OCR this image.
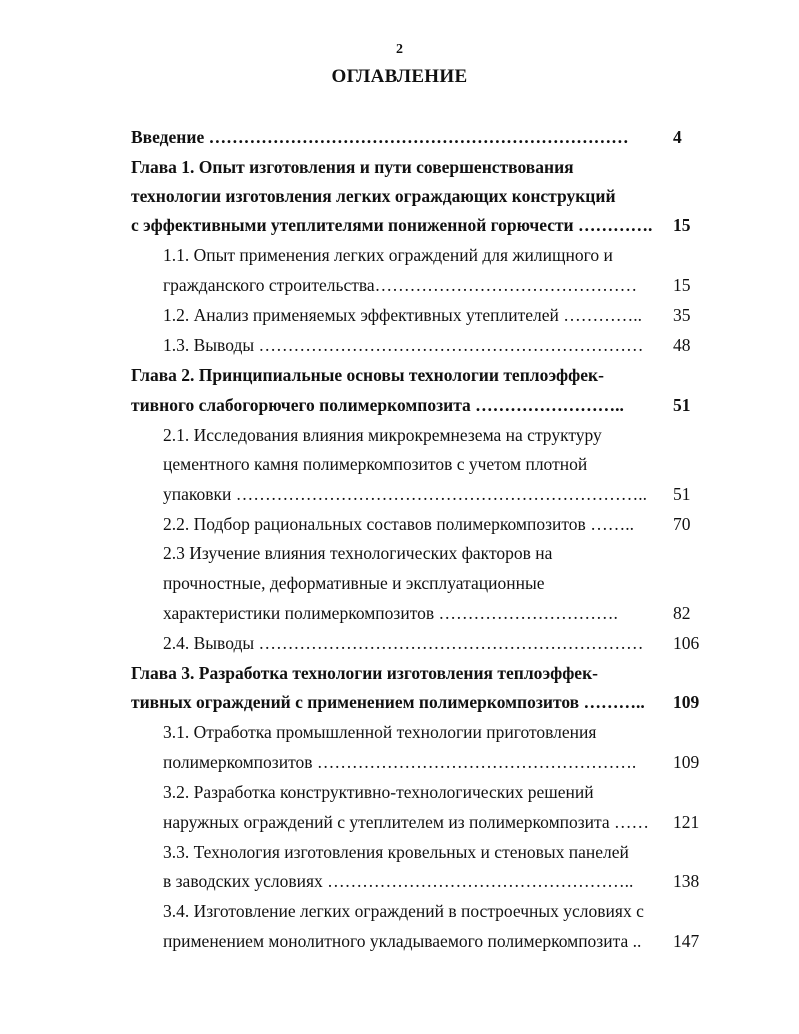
2
ОГЛАВЛЕНИЕ
Введение ………………………………………………………………	4
Глава 1. Опыт изготовления и пути совершенствования
технологии изготовления легких ограждающих конструкций
с эффективными утеплителями пониженной горючести …………. 15
1.1. Опыт применения легких ограждений для жилищного и
гражданского строительства……………………………………… 15
1.2. Анализ применяемых эффективных утеплителей ………….. 35
1.3. Выводы ………………………………………………………… 48
Глава 2. Принципиальные основы технологии теплоэффек-
тивного слабогорючего полимеркомпозита ……………………..	51
2.1. Исследования влияния микрокремнезема на структуру
цементного камня полимеркомпозитов с учетом плотной
упаковки …………………………………………………………….. 51
2.2. Подбор рациональных составов полимеркомпозитов …….. 70
2.3 Изучение влияния технологических факторов на
прочностные, деформативные и эксплуатационные
характеристики полимеркомпозитов ………………………….	82
2.4. Выводы ………………………………………………………… 106
Глава 3. Разработка технологии изготовления теплоэффек-
тивных ограждений с применением полимеркомпозитов ……….. 109
3.1. Отработка промышленной технологии приготовления
полимеркомпозитов ………………………………………………. 109
3.2. Разработка конструктивно-технологических решений
наружных ограждений с утеплителем из полимеркомпозита …… 121
3.3. Технология изготовления кровельных и стеновых панелей
в заводских условиях …………………………………………….. 138
3.4. Изготовление легких ограждений в построечных условиях с
применением монолитного укладываемого полимеркомпозита .. 147
